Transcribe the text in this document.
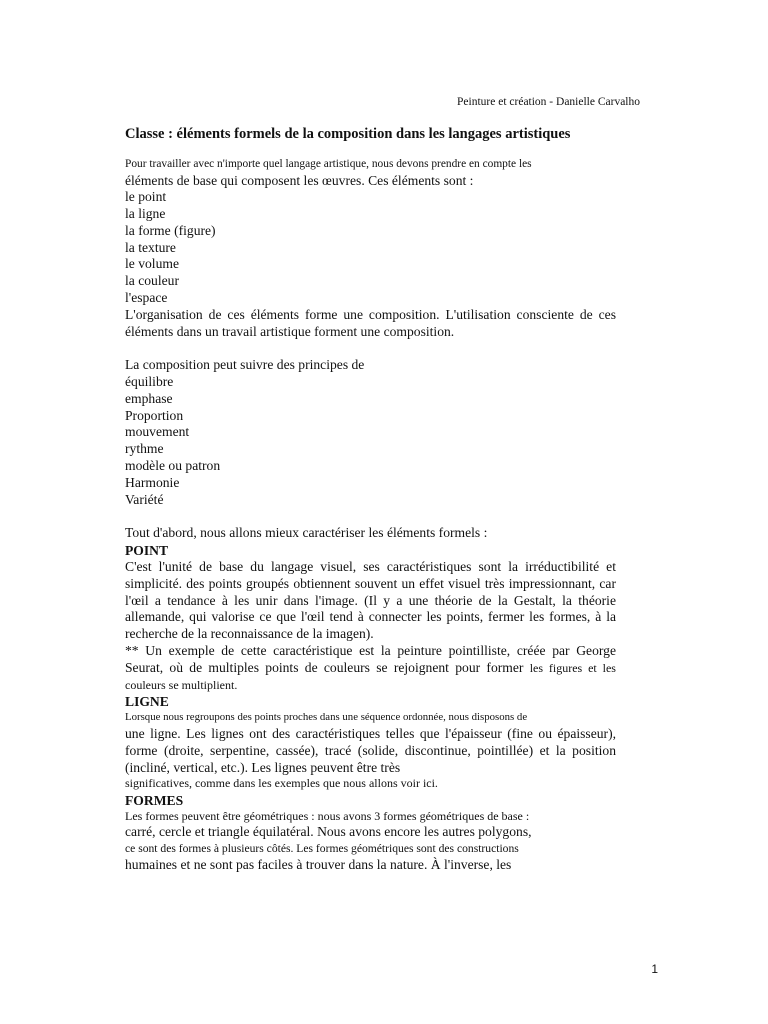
Peinture et création - Danielle Carvalho
Classe : éléments formels de la composition dans les langages artistiques

Pour travailler avec n'importe quel langage artistique, nous devons prendre en compte les

éléments de base qui composent les œuvres. Ces éléments sont :

le point
la ligne
la forme (figure)
la texture
le volume
la couleur
l'espace

L'organisation de ces éléments forme une composition. L'utilisation consciente de ces éléments dans un travail artistique forment une composition.

La composition peut suivre des principes de

équilibre
emphase
Proportion
mouvement
rythme
modèle ou patron
Harmonie
Variété

Tout d'abord, nous allons mieux caractériser les éléments formels :

POINT

C'est l'unité de base du langage visuel, ses caractéristiques sont la irréductibilité et simplicité. des points groupés obtiennent souvent un effet visuel très impressionnant, car l'œil a tendance à les unir dans l'image. (Il y a une théorie de la Gestalt, la théorie allemande, qui valorise ce que l'œil tend à connecter les points, fermer les formes, à la recherche de la reconnaissance de la imagen).

** Un exemple de cette caractéristique est la peinture pointilliste, créée par George Seurat, où de multiples points de couleurs se rejoignent pour former les figures et les couleurs se multiplient.

LIGNE

Lorsque nous regroupons des points proches dans une séquence ordonnée, nous disposons de

une ligne. Les lignes ont des caractéristiques telles que l'épaisseur (fine ou épaisseur), forme (droite, serpentine, cassée), tracé (solide, discontinue, pointillée) et la position (incliné, vertical, etc.). Les lignes peuvent être très

significatives, comme dans les exemples que nous allons voir ici.

FORMES

Les formes peuvent être géométriques : nous avons 3 formes géométriques de base :

carré, cercle et triangle équilatéral. Nous avons encore les autres polygons,

ce sont des formes à plusieurs côtés. Les formes géométriques sont des constructions

humaines et ne sont pas faciles à trouver dans la nature. À l'inverse, les

1
